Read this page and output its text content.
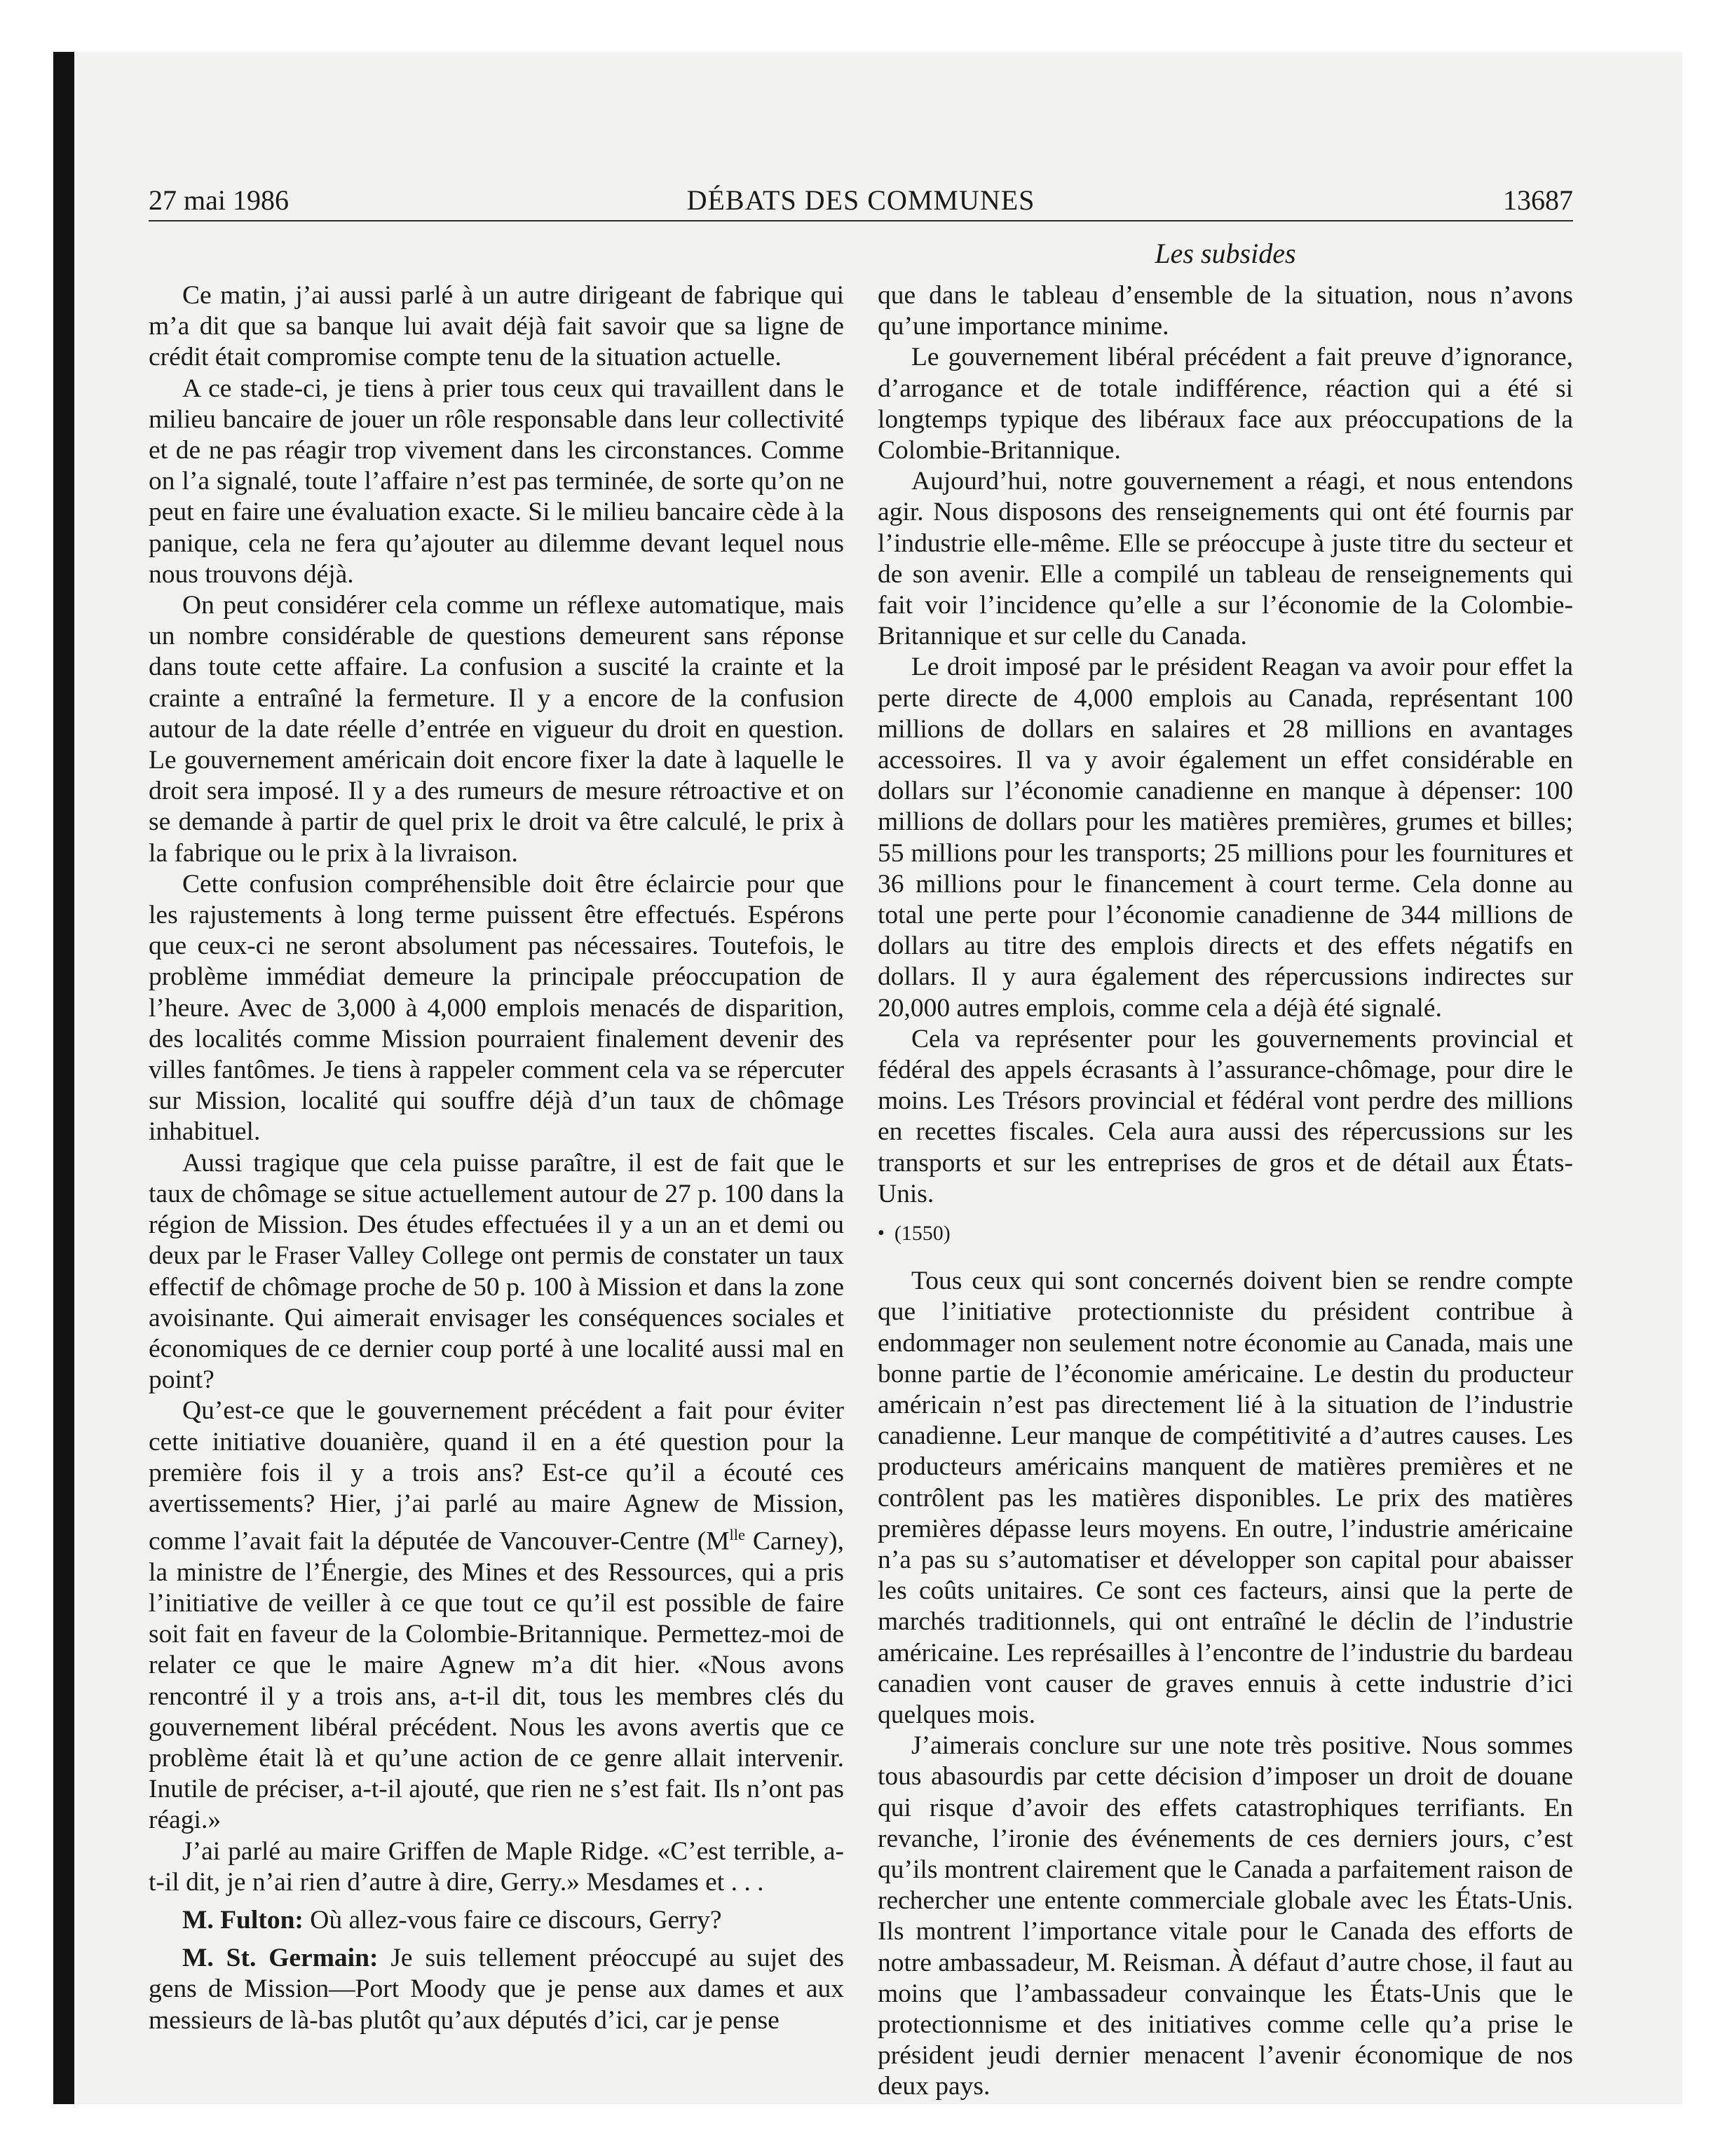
27 mai 1986	DÉBATS DES COMMUNES	13687
Les subsides

Ce matin, j’ai aussi parlé à un autre dirigeant de fabrique qui m’a dit que sa banque lui avait déjà fait savoir que sa ligne de crédit était compromise compte tenu de la situation actuelle.

A ce stade-ci, je tiens à prier tous ceux qui travaillent dans le milieu bancaire de jouer un rôle responsable dans leur collectivité et de ne pas réagir trop vivement dans les circonstances. Comme on l’a signalé, toute l’affaire n’est pas terminée, de sorte qu’on ne peut en faire une évaluation exacte. Si le milieu bancaire cède à la panique, cela ne fera qu’ajouter au dilemme devant lequel nous nous trouvons déjà.

On peut considérer cela comme un réflexe automatique, mais un nombre considérable de questions demeurent sans réponse dans toute cette affaire. La confusion a suscité la crainte et la crainte a entraîné la fermeture. Il y a encore de la confusion autour de la date réelle d’entrée en vigueur du droit en question. Le gouvernement américain doit encore fixer la date à laquelle le droit sera imposé. Il y a des rumeurs de mesure rétroactive et on se demande à partir de quel prix le droit va être calculé, le prix à la fabrique ou le prix à la livraison.

Cette confusion compréhensible doit être éclaircie pour que les rajustements à long terme puissent être effectués. Espérons que ceux-ci ne seront absolument pas nécessaires. Toutefois, le problème immédiat demeure la principale préoccupation de l’heure. Avec de 3,000 à 4,000 emplois menacés de disparition, des localités comme Mission pourraient finalement devenir des villes fantômes. Je tiens à rappeler comment cela va se répercuter sur Mission, localité qui souffre déjà d’un taux de chômage inhabituel.

Aussi tragique que cela puisse paraître, il est de fait que le taux de chômage se situe actuellement autour de 27 p. 100 dans la région de Mission. Des études effectuées il y a un an et demi ou deux par le Fraser Valley College ont permis de constater un taux effectif de chômage proche de 50 p. 100 à Mission et dans la zone avoisinante. Qui aimerait envisager les conséquences sociales et économiques de ce dernier coup porté à une localité aussi mal en point?

Qu’est-ce que le gouvernement précédent a fait pour éviter cette initiative douanière, quand il en a été question pour la première fois il y a trois ans? Est-ce qu’il a écouté ces avertissements? Hier, j’ai parlé au maire Agnew de Mission, comme l’avait fait la députée de Vancouver-Centre ($M^{lle}$ Carney), la ministre de l’Énergie, des Mines et des Ressources, qui a pris l’initiative de veiller à ce que tout ce qu’il est possible de faire soit fait en faveur de la Colombie-Britannique. Permettez-moi de relater ce que le maire Agnew m’a dit hier. «Nous avons rencontré il y a trois ans, a-t-il dit, tous les membres clés du gouvernement libéral précédent. Nous les avons avertis que ce problème était là et qu’une action de ce genre allait intervenir. Inutile de préciser, a-t-il ajouté, que rien ne s’est fait. Ils n’ont pas réagi.»

J’ai parlé au maire Griffen de Maple Ridge. «C’est terrible, a-t-il dit, je n’ai rien d’autre à dire, Gerry.» Mesdames et . . .

M. Fulton: Où allez-vous faire ce discours, Gerry?

M. St. Germain: Je suis tellement préoccupé au sujet des gens de Mission—Port Moody que je pense aux dames et aux messieurs de là-bas plutôt qu’aux députés d’ici, car je pense

que dans le tableau d’ensemble de la situation, nous n’avons qu’une importance minime.

Le gouvernement libéral précédent a fait preuve d’ignorance, d’arrogance et de totale indifférence, réaction qui a été si longtemps typique des libéraux face aux préoccupations de la Colombie-Britannique.

Aujourd’hui, notre gouvernement a réagi, et nous entendons agir. Nous disposons des renseignements qui ont été fournis par l’industrie elle-même. Elle se préoccupe à juste titre du secteur et de son avenir. Elle a compilé un tableau de renseignements qui fait voir l’incidence qu’elle a sur l’économie de la Colombie-Britannique et sur celle du Canada.

Le droit imposé par le président Reagan va avoir pour effet la perte directe de 4,000 emplois au Canada, représentant 100 millions de dollars en salaires et 28 millions en avantages accessoires. Il va y avoir également un effet considérable en dollars sur l’économie canadienne en manque à dépenser: 100 millions de dollars pour les matières premières, grumes et billes; 55 millions pour les transports; 25 millions pour les fournitures et 36 millions pour le financement à court terme. Cela donne au total une perte pour l’économie canadienne de 344 millions de dollars au titre des emplois directs et des effets négatifs en dollars. Il y aura également des répercussions indirectes sur 20,000 autres emplois, comme cela a déjà été signalé.

Cela va représenter pour les gouvernements provincial et fédéral des appels écrasants à l’assurance-chômage, pour dire le moins. Les Trésors provincial et fédéral vont perdre des millions en recettes fiscales. Cela aura aussi des répercussions sur les transports et sur les entreprises de gros et de détail aux États-Unis.

• (1550)

Tous ceux qui sont concernés doivent bien se rendre compte que l’initiative protectionniste du président contribue à endommager non seulement notre économie au Canada, mais une bonne partie de l’économie américaine. Le destin du producteur américain n’est pas directement lié à la situation de l’industrie canadienne. Leur manque de compétitivité a d’autres causes. Les producteurs américains manquent de matières premières et ne contrôlent pas les matières disponibles. Le prix des matières premières dépasse leurs moyens. En outre, l’industrie américaine n’a pas su s’automatiser et développer son capital pour abaisser les coûts unitaires. Ce sont ces facteurs, ainsi que la perte de marchés traditionnels, qui ont entraîné le déclin de l’industrie américaine. Les représailles à l’encontre de l’industrie du bardeau canadien vont causer de graves ennuis à cette industrie d’ici quelques mois.

J’aimerais conclure sur une note très positive. Nous sommes tous abasourdis par cette décision d’imposer un droit de douane qui risque d’avoir des effets catastrophiques terrifiants. En revanche, l’ironie des événements de ces derniers jours, c’est qu’ils montrent clairement que le Canada a parfaitement raison de rechercher une entente commerciale globale avec les États-Unis. Ils montrent l’importance vitale pour le Canada des efforts de notre ambassadeur, M. Reisman. À défaut d’autre chose, il faut au moins que l’ambassadeur convainque les États-Unis que le protectionnisme et des initiatives comme celle qu’a prise le président jeudi dernier menacent l’avenir économique de nos deux pays.
